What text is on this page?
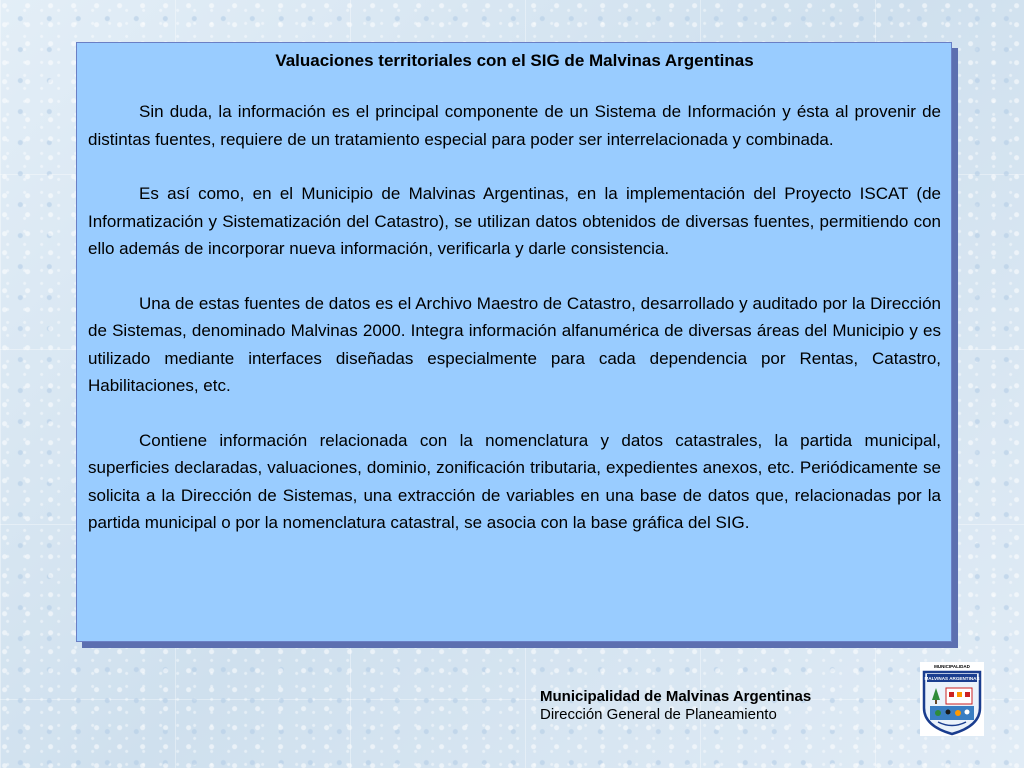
Valuaciones territoriales con el SIG de Malvinas Argentinas

Sin duda, la información es el principal componente de un Sistema de Información y ésta al provenir de distintas fuentes, requiere de un tratamiento especial para poder ser interrelacionada y combinada.

Es así como, en el Municipio de Malvinas Argentinas, en la implementación del Proyecto ISCAT (de Informatización y Sistematización del Catastro), se utilizan datos obtenidos de diversas fuentes, permitiendo con ello además de incorporar nueva información, verificarla y darle consistencia.

Una de estas fuentes de datos es el Archivo Maestro de Catastro, desarrollado y auditado por la Dirección de Sistemas, denominado Malvinas 2000. Integra información alfanumérica de diversas áreas del Municipio y es utilizado mediante interfaces diseñadas especialmente para cada dependencia por Rentas, Catastro, Habilitaciones, etc.

Contiene información relacionada con la nomenclatura y datos catastrales, la partida municipal, superficies declaradas, valuaciones, dominio, zonificación tributaria, expedientes anexos, etc. Periódicamente se solicita a la Dirección de Sistemas, una extracción de variables en una base de datos que, relacionadas por la partida municipal o por la nomenclatura catastral, se asocia con la base gráfica del SIG.

Municipalidad de Malvinas Argentinas
Dirección General de Planeamiento
MUNICIPALIDAD
MALVINAS ARGENTINAS
